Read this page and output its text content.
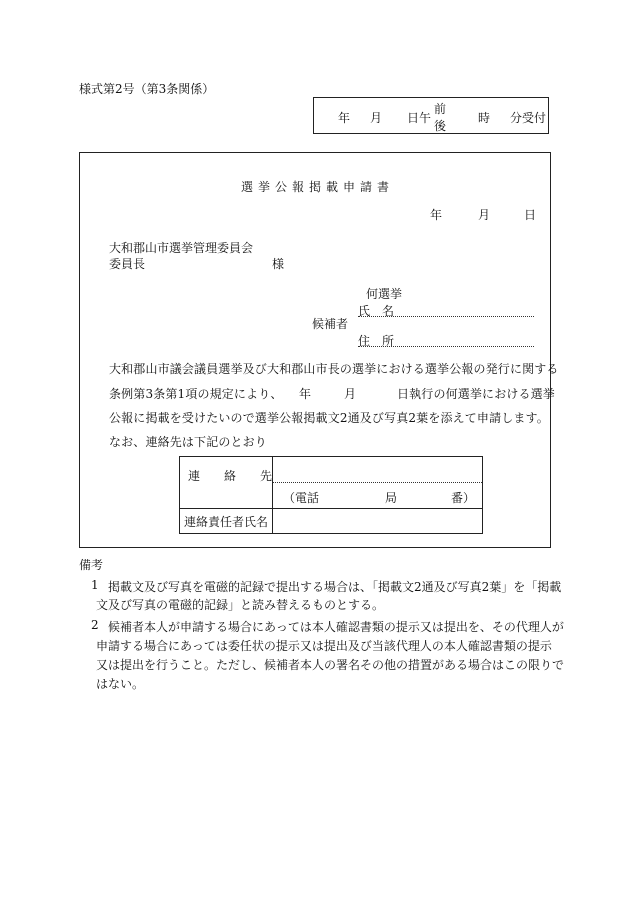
様式第2号（第3条関係）
年 月 日 午
前
後
時 分受付
選挙公報掲載申請書
年	月	日
大和郡山市選挙管理委員会
委員長	様
何選挙
候補者
氏　名
住　所
大和郡山市議会議員選挙及び大和郡山市長の選挙における選挙公報の発行に関する
条例第3条第1項の規定により、 年	月	日執行の何選挙における選挙
公報に掲載を受けたいので選挙公報掲載文2通及び写真2葉を添えて申請します。
なお、連絡先は下記のとおり
連　　絡　　先	（電話 局 番）

連絡責任者氏名	

備考
1 掲載文及び写真を電磁的記録で提出する場合は、「掲載文2通及び写真2葉」を「掲載
文及び写真の電磁的記録」と読み替えるものとする。
2 候補者本人が申請する場合にあっては本人確認書類の提示又は提出を、その代理人が
申請する場合にあっては委任状の提示又は提出及び当該代理人の本人確認書類の提示
又は提出を行うこと。ただし、候補者本人の署名その他の措置がある場合はこの限りで
はない。
